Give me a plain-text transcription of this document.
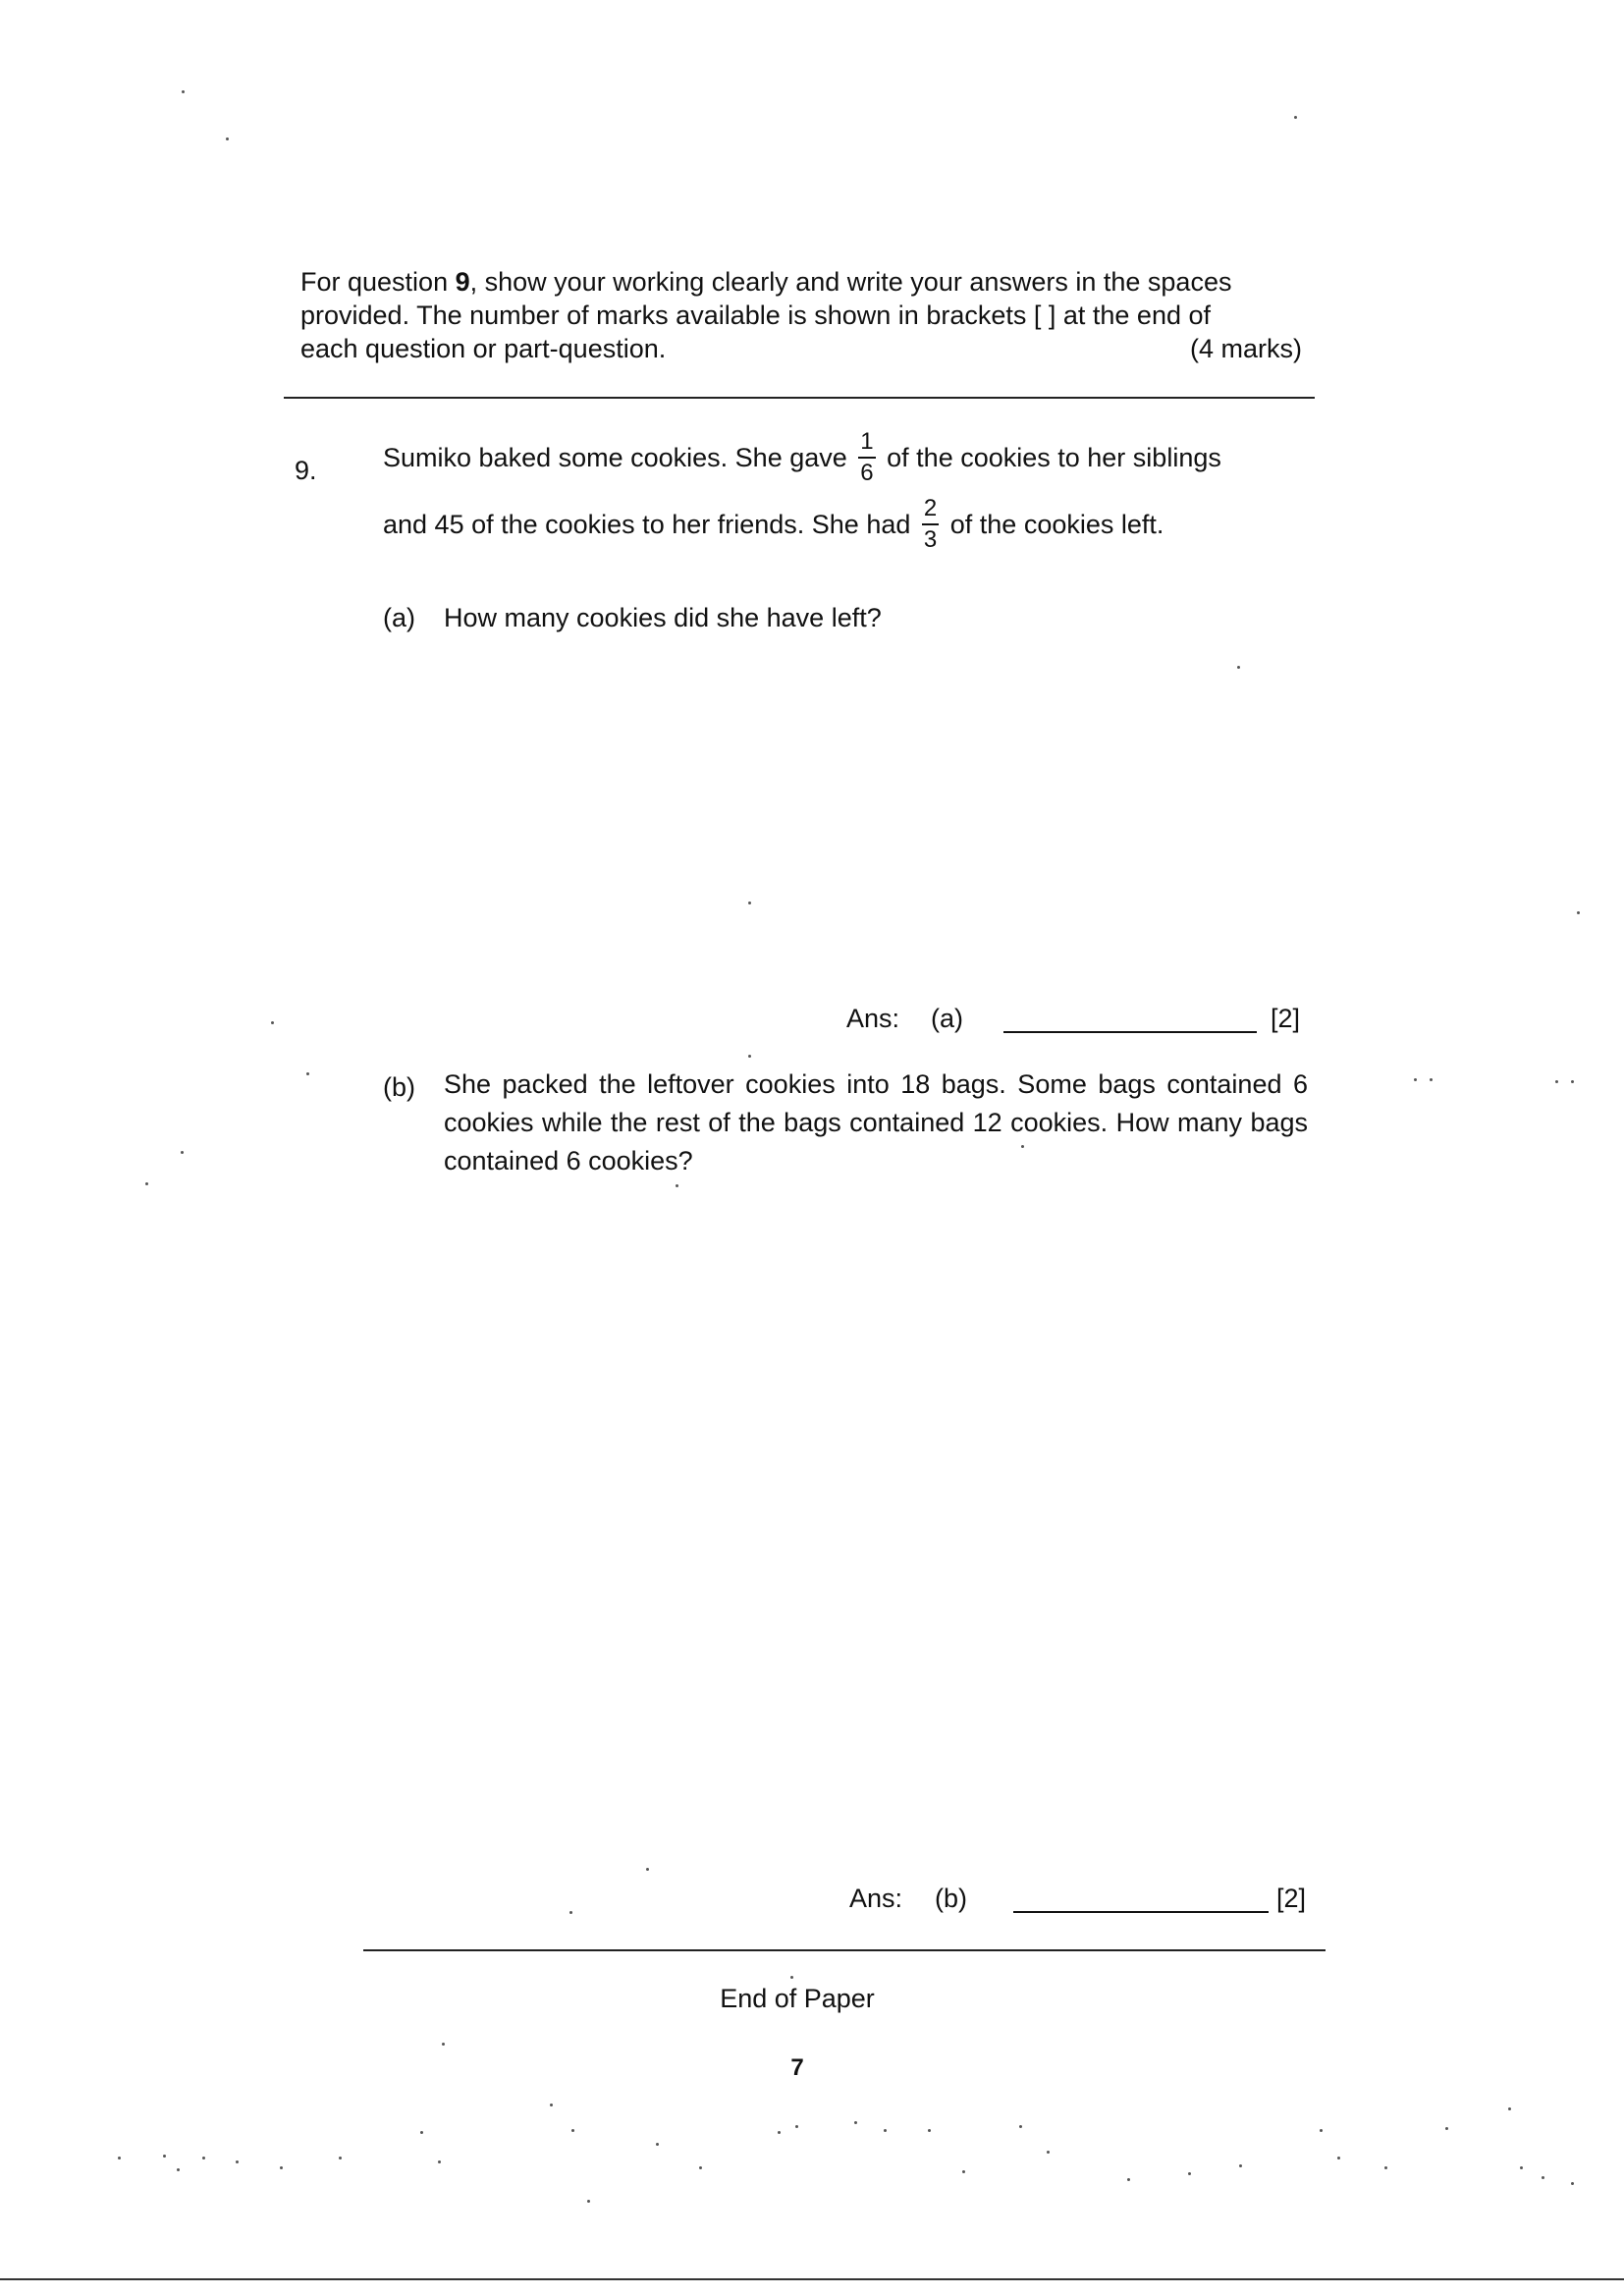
For question 9, show your working clearly and write your answers in the spaces
provided. The number of marks available is shown in brackets [ ] at the end of
each question or part-question.	(4 marks)
9. Sumiko baked some cookies. She gave $\frac{1}{6}$ of the cookies to her siblings
and 45 of the cookies to her friends. She had $\frac{2}{3}$ of the cookies left.
(a) How many cookies did she have left?
Ans: (a)	[2]
(b) She packed the leftover cookies into 18 bags. Some bags contained 6 cookies while the rest of the bags contained 12 cookies. How many bags contained 6 cookies?
Ans: (b)	[2]
End of Paper
7
